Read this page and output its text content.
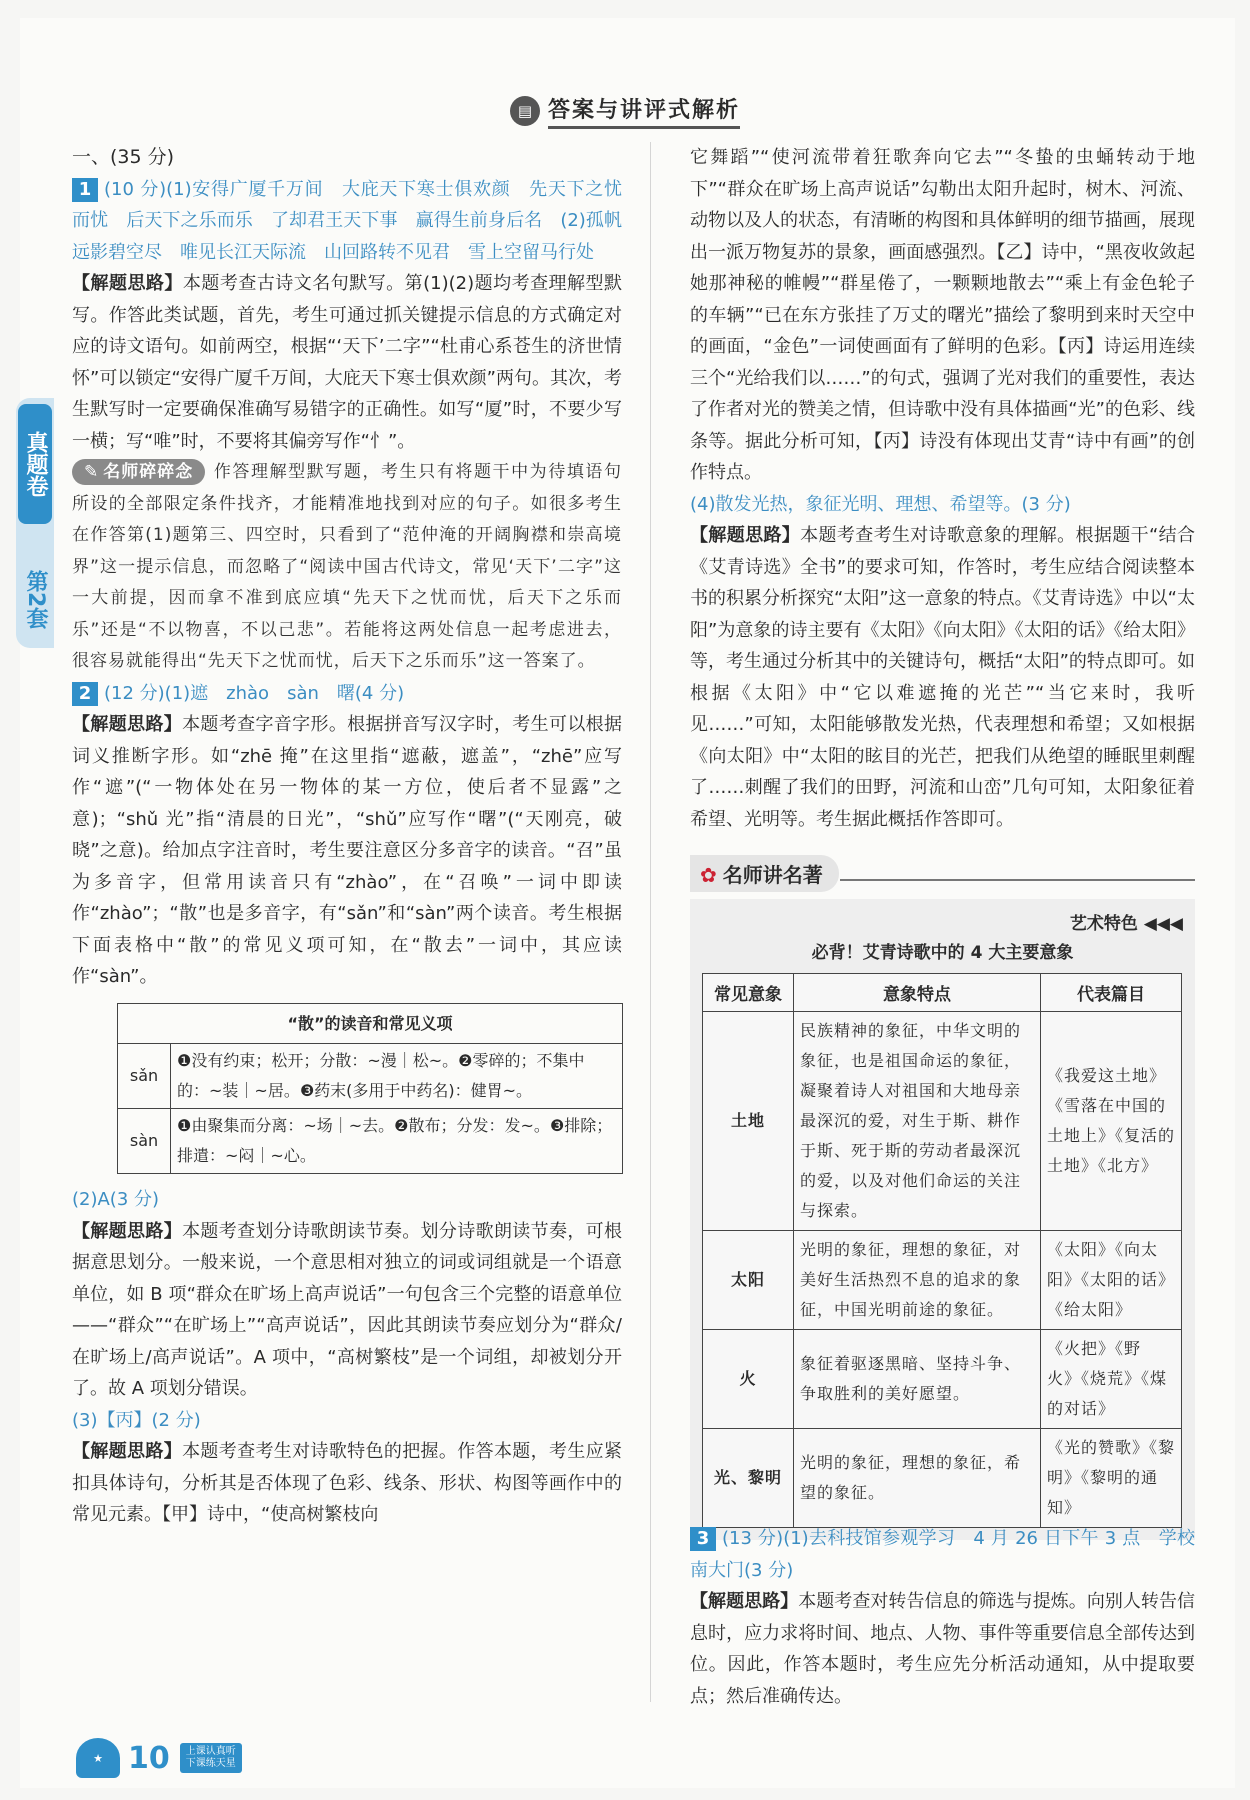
▤ 答案与讲评式解析
真题卷
第2套

一、(35 分)

1 (10 分)(1)安得广厦千万间　大庇天下寒士俱欢颜　先天下之忧而忧　后天下之乐而乐　了却君王天下事　赢得生前身后名　(2)孤帆远影碧空尽　唯见长江天际流　山回路转不见君　雪上空留马行处

【解题思路】本题考查古诗文名句默写。第(1)(2)题均考查理解型默写。作答此类试题，首先，考生可通过抓关键提示信息的方式确定对应的诗文语句。如前两空，根据“‘天下’二字”“杜甫心系苍生的济世情怀”可以锁定“安得广厦千万间，大庇天下寒士俱欢颜”两句。其次，考生默写时一定要确保准确写易错字的正确性。如写“厦”时，不要少写一横；写“唯”时，不要将其偏旁写作“忄”。

✎ 名师碎碎念 作答理解型默写题，考生只有将题干中为待填语句所设的全部限定条件找齐，才能精准地找到对应的句子。如很多考生在作答第(1)题第三、四空时，只看到了“范仲淹的开阔胸襟和崇高境界”这一提示信息，而忽略了“阅读中国古代诗文，常见‘天下’二字”这一大前提，因而拿不准到底应填“先天下之忧而忧，后天下之乐而乐”还是“不以物喜，不以己悲”。若能将这两处信息一起考虑进去，很容易就能得出“先天下之忧而忧，后天下之乐而乐”这一答案了。

2 (12 分)(1)遮　zhào　sàn　曙(4 分)

【解题思路】本题考查字音字形。根据拼音写汉字时，考生可以根据词义推断字形。如“zhē 掩”在这里指“遮蔽，遮盖”，“zhē”应写作“遮”(“一物体处在另一物体的某一方位，使后者不显露”之意)；“shǔ 光”指“清晨的日光”，“shǔ”应写作“曙”(“天刚亮，破晓”之意)。给加点字注音时，考生要注意区分多音字的读音。“召”虽为多音字，但常用读音只有“zhào”，在“召唤”一词中即读作“zhào”；“散”也是多音字，有“sǎn”和“sàn”两个读音。考生根据下面表格中“散”的常见义项可知，在“散去”一词中，其应读作“sàn”。

“散”的读音和常见义项	
sǎn	❶没有约束；松开；分散：~漫｜松~。❷零碎的；不集中的：~装｜~居。❸药末(多用于中药名)：健胃~。
sàn	❶由聚集而分离：~场｜~去。❷散布；分发：发~。❸排除；排遣：~闷｜~心。

(2)A(3 分)

【解题思路】本题考查划分诗歌朗读节奏。划分诗歌朗读节奏，可根据意思划分。一般来说，一个意思相对独立的词或词组就是一个语意单位，如 B 项“群众在旷场上高声说话”一句包含三个完整的语意单位——“群众”“在旷场上”“高声说话”，因此其朗读节奏应划分为“群众/在旷场上/高声说话”。A 项中，“高树繁枝”是一个词组，却被划分开了。故 A 项划分错误。

(3)【丙】(2 分)

【解题思路】本题考查考生对诗歌特色的把握。作答本题，考生应紧扣具体诗句，分析其是否体现了色彩、线条、形状、构图等画作中的常见元素。【甲】诗中，“使高树繁枝向

它舞蹈”“使河流带着狂歌奔向它去”“冬蛰的虫蛹转动于地下”“群众在旷场上高声说话”勾勒出太阳升起时，树木、河流、动物以及人的状态，有清晰的构图和具体鲜明的细节描画，展现出一派万物复苏的景象，画面感强烈。【乙】诗中，“黑夜收敛起她那神秘的帷幔”“群星倦了，一颗颗地散去”“乘上有金色轮子的车辆”“已在东方张挂了万丈的曙光”描绘了黎明到来时天空中的画面，“金色”一词使画面有了鲜明的色彩。【丙】诗运用连续三个“光给我们以……”的句式，强调了光对我们的重要性，表达了作者对光的赞美之情，但诗歌中没有具体描画“光”的色彩、线条等。据此分析可知，【丙】诗没有体现出艾青“诗中有画”的创作特点。

(4)散发光热，象征光明、理想、希望等。(3 分)

【解题思路】本题考查考生对诗歌意象的理解。根据题干“结合《艾青诗选》全书”的要求可知，作答时，考生应结合阅读整本书的积累分析探究“太阳”这一意象的特点。《艾青诗选》中以“太阳”为意象的诗主要有《太阳》《向太阳》《太阳的话》《给太阳》等，考生通过分析其中的关键诗句，概括“太阳”的特点即可。如根据《太阳》中“它以难遮掩的光芒”“当它来时，我听见……”可知，太阳能够散发光热，代表理想和希望；又如根据《向太阳》中“太阳的眩目的光芒，把我们从绝望的睡眠里刺醒了……刺醒了我们的田野，河流和山峦”几句可知，太阳象征着希望、光明等。考生据此概括作答即可。

✿ 名师讲名著
艺术特色 ◀◀◀
必背！艾青诗歌中的 4 大主要意象
常见意象	意象特点	代表篇目
土地	民族精神的象征，中华文明的象征，也是祖国命运的象征，凝聚着诗人对祖国和大地母亲最深沉的爱，对生于斯、耕作于斯、死于斯的劳动者最深沉的爱，以及对他们命运的关注与探索。	《我爱这土地》《雪落在中国的土地上》《复活的土地》《北方》
太阳	光明的象征，理想的象征，对美好生活热烈不息的追求的象征，中国光明前途的象征。	《太阳》《向太阳》《太阳的话》《给太阳》
火	象征着驱逐黑暗、坚持斗争、争取胜利的美好愿望。	《火把》《野火》《烧荒》《煤的对话》
光、黎明	光明的象征，理想的象征，希望的象征。	《光的赞歌》《黎明》《黎明的通知》

3 (13 分)(1)去科技馆参观学习　4 月 26 日下午 3 点　学校南大门(3 分)

【解题思路】本题考查对转告信息的筛选与提炼。向别人转告信息时，应力求将时间、地点、人物、事件等重要信息全部传达到位。因此，作答本题时，考生应先分析活动通知，从中提取要点；然后准确传达。

★ 10	上课认真听
下课练天星
